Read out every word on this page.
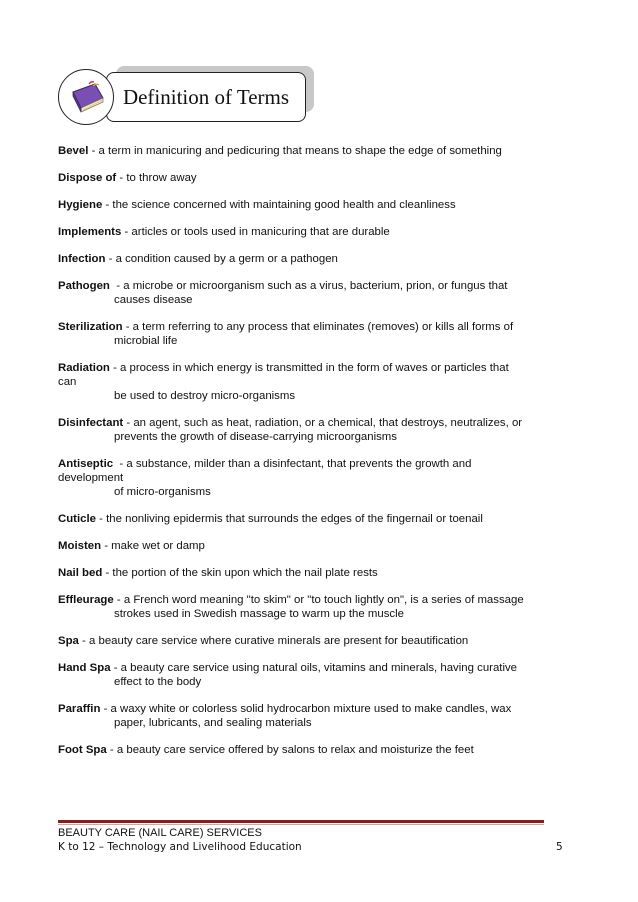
Definition of Terms
Bevel - a term in manicuring and pedicuring that means to shape the edge of something
Dispose of - to throw away
Hygiene - the science concerned with maintaining good health and cleanliness
Implements - articles or tools used in manicuring that are durable
Infection - a condition caused by a germ or a pathogen
Pathogen  - a microbe or microorganism such as a virus, bacterium, prion, or fungus that
causes disease
Sterilization - a term referring to any process that eliminates (removes) or kills all forms of
microbial life
Radiation - a process in which energy is transmitted in the form of waves or particles that
can
be used to destroy micro-organisms
Disinfectant - an agent, such as heat, radiation, or a chemical, that destroys, neutralizes, or
prevents the growth of disease-carrying microorganisms
Antiseptic  - a substance, milder than a disinfectant, that prevents the growth and
development
of micro-organisms
Cuticle - the nonliving epidermis that surrounds the edges of the fingernail or toenail
Moisten - make wet or damp
Nail bed - the portion of the skin upon which the nail plate rests
Effleurage - a French word meaning "to skim" or "to touch lightly on", is a series of massage
strokes used in Swedish massage to warm up the muscle
Spa - a beauty care service where curative minerals are present for beautification
Hand Spa - a beauty care service using natural oils, vitamins and minerals, having curative
effect to the body
Paraffin - a waxy white or colorless solid hydrocarbon mixture used to make candles, wax
paper, lubricants, and sealing materials
Foot Spa - a beauty care service offered by salons to relax and moisturize the feet
BEAUTY CARE (NAIL CARE) SERVICES
K to 12 – Technology and Livelihood Education	5
